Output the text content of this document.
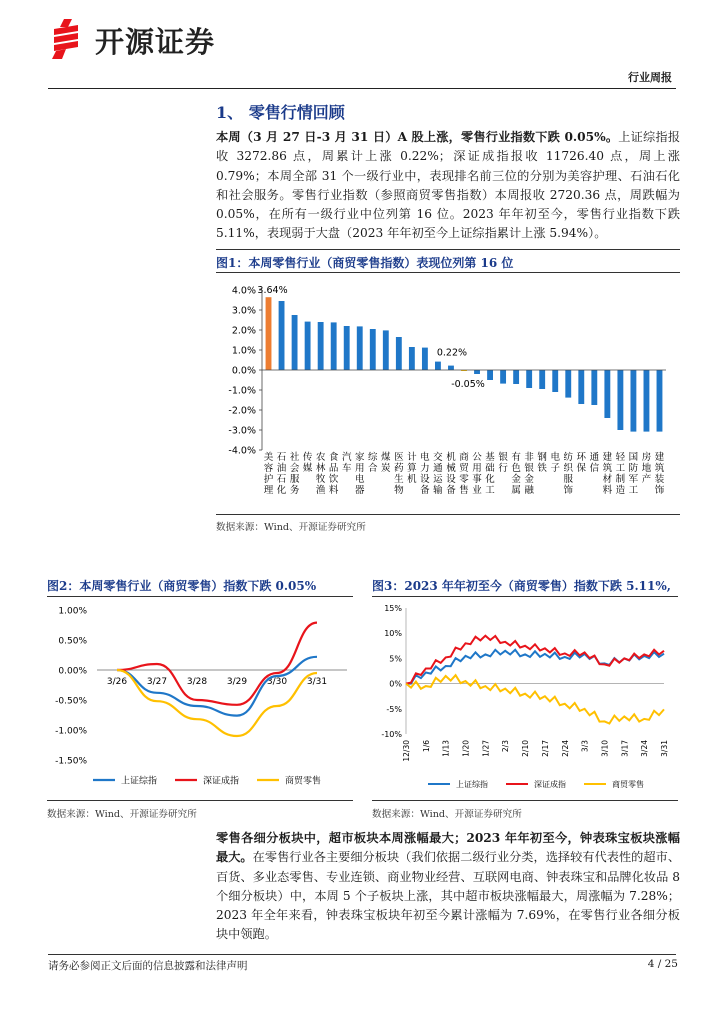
开源证券
行业周报
1、 零售行情回顾
本周（3 月 27 日-3 月 31 日）A 股上涨，零售行业指数下跌 0.05%。上证综指报收 3272.86 点，周累计上涨 0.22%；深证成指报收 11726.40 点，周上涨 0.79%；本周全部 31 个一级行业中，表现排名前三位的分别为美容护理、石油石化和社会服务。零售行业指数（参照商贸零售指数）本周报收 2720.36 点，周跌幅为 0.05%，在所有一级行业中位列第 16 位。2023 年年初至今，零售行业指数下跌 5.11%，表现弱于大盘（2023 年年初至今上证综指累计上涨 5.94%）。
图1：本周零售行业（商贸零售指数）表现位列第 16 位
4.0%
3.0%
2.0%
1.0%
0.0%
-1.0%
-2.0%
-3.0%
-4.0%
美
容
护
理
石
油
石
化
社
会
服
务
传
媒
农
林
牧
渔
食
品
饮
料
汽
车
家
用
电
器
综
合
煤
炭
医
药
生
物
计
算
机
电
力
设
备
交
通
运
输
机
械
设
备
商
贸
零
售
公
用
事
业
基
础
化
工
银
行
有
色
金
属
非
银
金
融
钢
铁
电
子
纺
织
服
饰
环
保
通
信
建
筑
材
料
轻
工
制
造
国
防
军
工
房
地
产
建
筑
装
饰
3.64%
0.22%
-0.05%
数据来源：Wind、开源证券研究所
图2：本周零售行业（商贸零售）指数下跌 0.05%
1.00%
0.50%
0.00%
-0.50%
-1.00%
-1.50%
3/26 3/27 3/28 3/29 3/30 3/31
上证综指	深证成指	商贸零售
数据来源：Wind、开源证券研究所
图3：2023 年年初至今（商贸零售）指数下跌 5.11%,
15%
10%
5%
0%
-5%
-10%
12/30 1/6 1/13 1/20 1/27 2/3 2/10 2/17 2/24 3/3 3/10 3/17 3/24 3/31
上证综指	深证成指	商贸零售
数据来源：Wind、开源证券研究所
零售各细分板块中，超市板块本周涨幅最大；2023 年年初至今，钟表珠宝板块涨幅最大。在零售行业各主要细分板块（我们依据二级行业分类，选择较有代表性的超市、百货、多业态零售、专业连锁、商业物业经营、互联网电商、钟表珠宝和品牌化妆品 8 个细分板块）中，本周 5 个子板块上涨，其中超市板块涨幅最大，周涨幅为 7.28%；2023 年全年来看，钟表珠宝板块年初至今累计涨幅为 7.69%，在零售行业各细分板块中领跑。
请务必参阅正文后面的信息披露和法律声明	4 / 25
